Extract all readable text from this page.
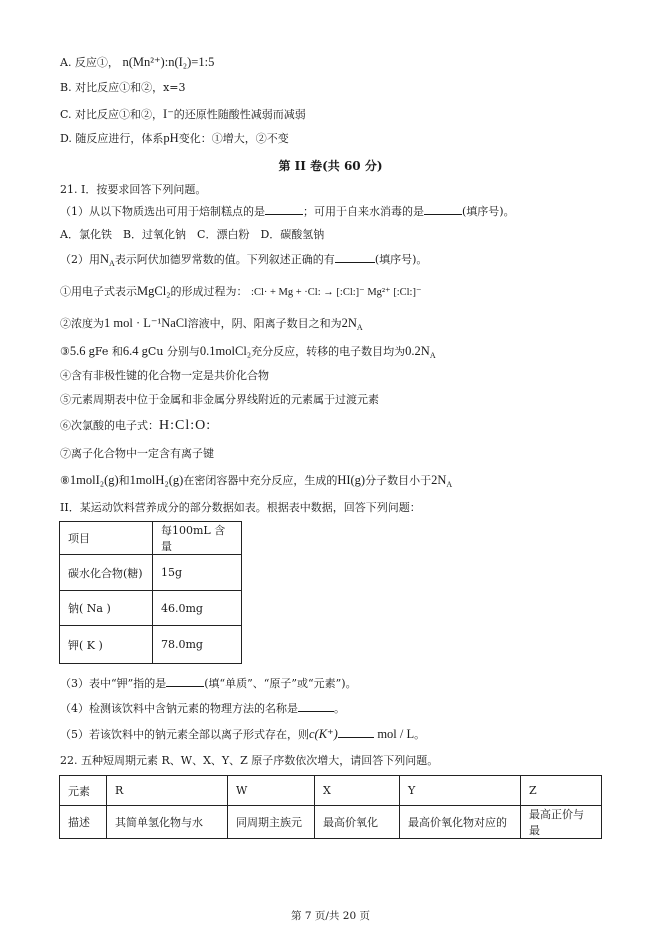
A. 反应①， n(Mn²⁺):n(I₂)=1:5
B. 对比反应①和②，x=3
C. 对比反应①和②，I⁻的还原性随酸性减弱而减弱
D. 随反应进行，体系pH变化：①增大，②不变
第 II 卷(共 60 分)
21. I．按要求回答下列问题。
（1）从以下物质选出可用于焙制糕点的是	；可用于自来水消毒的是	(填序号)。
A．氯化铁　B．过氧化钠　C．漂白粉　D．碳酸氢钠
（2）用$N_A$表示阿伏加德罗常数的值。下列叙述正确的有	(填序号)。
①用电子式表示MgCl₂的形成过程为： :Cl· + Mg + ·Cl: → [:Cl:]⁻ Mg²⁺ [:Cl:]⁻
②浓度为1 mol · L⁻¹NaCl溶液中，阴、阳离子数目之和为$2N_A$
③5.6 gFe 和6.4 gCu 分别与0.1molCl₂充分反应，转移的电子数目均为$0.2N_A$
④含有非极性键的化合物一定是共价化合物
⑤元素周期表中位于金属和非金属分界线附近的元素属于过渡元素
⑥次氯酸的电子式：H:Cl:O:
⑦离子化合物中一定含有离子键
⑧1molI₂(g)和1molH₂(g)在密闭容器中充分反应，生成的HI(g)分子数目小于$2N_A$
II．某运动饮料营养成分的部分数据如表。根据表中数据，回答下列问题：
项目	每100mL 含量
碳水化合物(糖)	15g
钠( Na )	46.0mg
钾( K )	78.0mg
（3）表中“钾”指的是	(填“单质”、“原子”或“元素”)。
（4）检测该饮料中含钠元素的物理方法的名称是	。
（5）若该饮料中的钠元素全部以离子形式存在，则c(K⁺)	mol / L。
22. 五种短周期元素 R、W、X、Y、Z 原子序数依次增大，请回答下列问题。
元素	R	W	X	Y	Z
描述	其简单氢化物与水	同周期主族元	最高价氧化	最高价氧化物对应的	最高正价与最
第 7 页/共 20 页
